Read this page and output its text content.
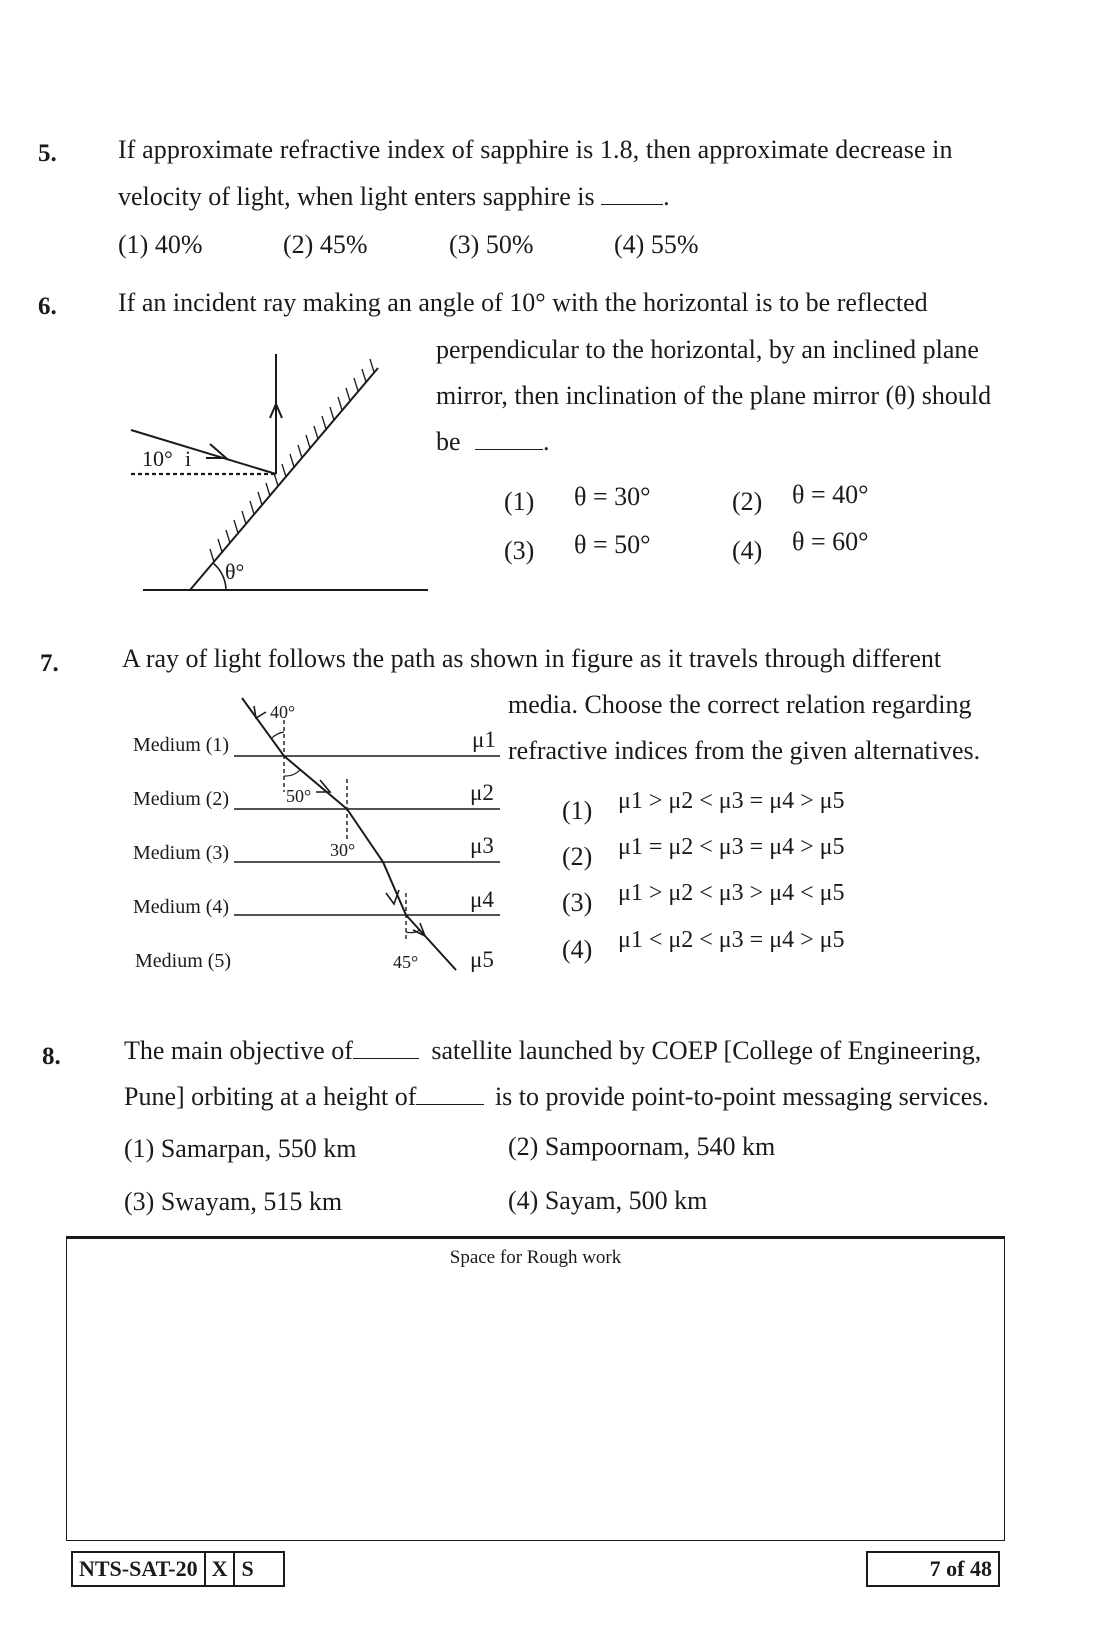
5. If approximate refractive index of sapphire is 1.8, then approximate decrease in
velocity of light, when light enters sapphire is	.
(1) 40%	(2) 45%	(3) 50%	(4) 55%
6. If an incident ray making an angle of 10° with the horizontal is to be reflected
perpendicular to the horizontal, by an inclined plane
mirror, then inclination of the plane mirror (θ) should
be	.
10° i
θ°
(1) θ = 30°	(2) θ = 40°
(3) θ = 50°	(4) θ = 60°
7. A ray of light follows the path as shown in figure as it travels through different
media. Choose the correct relation regarding
refractive indices from the given alternatives.
Medium (1)
Medium (2)
Medium (3)
Medium (4)
Medium (5)
μ1
μ2
μ3
μ4
μ5
40°
50°
30°
45°
(1) μ1 > μ2 < μ3 = μ4 > μ5
(2) μ1 = μ2 < μ3 = μ4 > μ5
(3) μ1 > μ2 < μ3 > μ4 < μ5
(4) μ1 < μ2 < μ3 = μ4 > μ5
8. The main objective of	satellite launched by COEP [College of Engineering,
Pune] orbiting at a height of	is to provide point-to-point messaging services.
(1) Samarpan, 550 km	(2) Sampoornam, 540 km
(3) Swayam, 515 km	(4) Sayam, 500 km
Space for Rough work
NTS-SAT-20 X S	7 of 48
